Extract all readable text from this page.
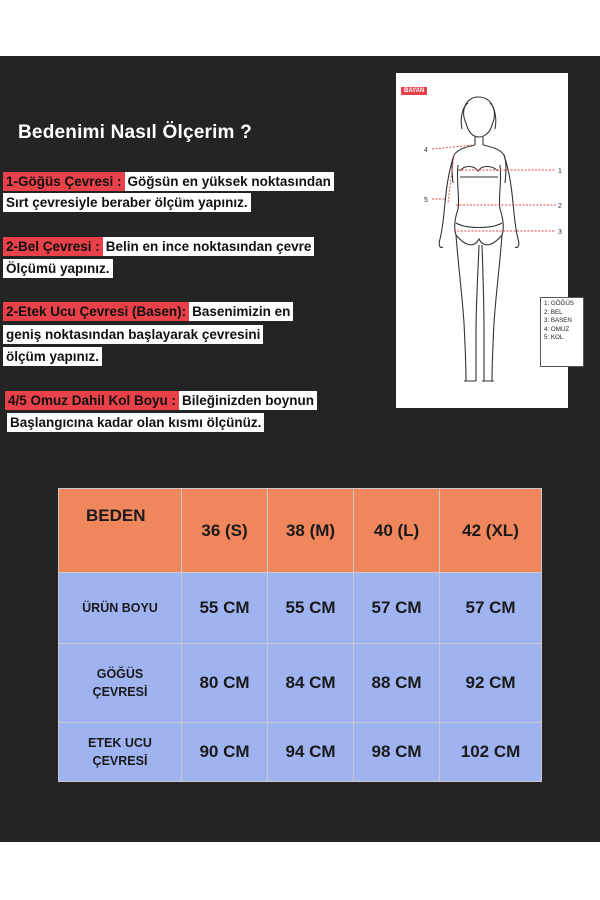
Bedenimi Nasıl Ölçerim ?
1-Göğüs Çevresi : Göğsün en yüksek noktasından
Sırt çevresiyle beraber ölçüm yapınız.
2-Bel Çevresi : Belin en ince noktasından çevre
Ölçümü yapınız.
2-Etek Ucu Çevresi (Basen): Basenimizin en
geniş noktasından başlayarak çevresini
ölçüm yapınız.
4/5 Omuz Dahil Kol Boyu : Bileğinizden boynun
Başlangıcına kadar olan kısmı ölçünüz.
BAYAN
1
2
3
4
5
1: GÖĞÜS
2: BEL
3: BASEN
4: OMUZ
5: KOL
BEDEN	36 (S)	38 (M)	40 (L)	42 (XL)
ÜRÜN BOYU	55 CM	55 CM	57 CM	57 CM
GÖĞÜS
ÇEVRESİ	80 CM	84 CM	88 CM	92 CM
ETEK UCU
ÇEVRESİ	90 CM	94 CM	98 CM	102 CM
